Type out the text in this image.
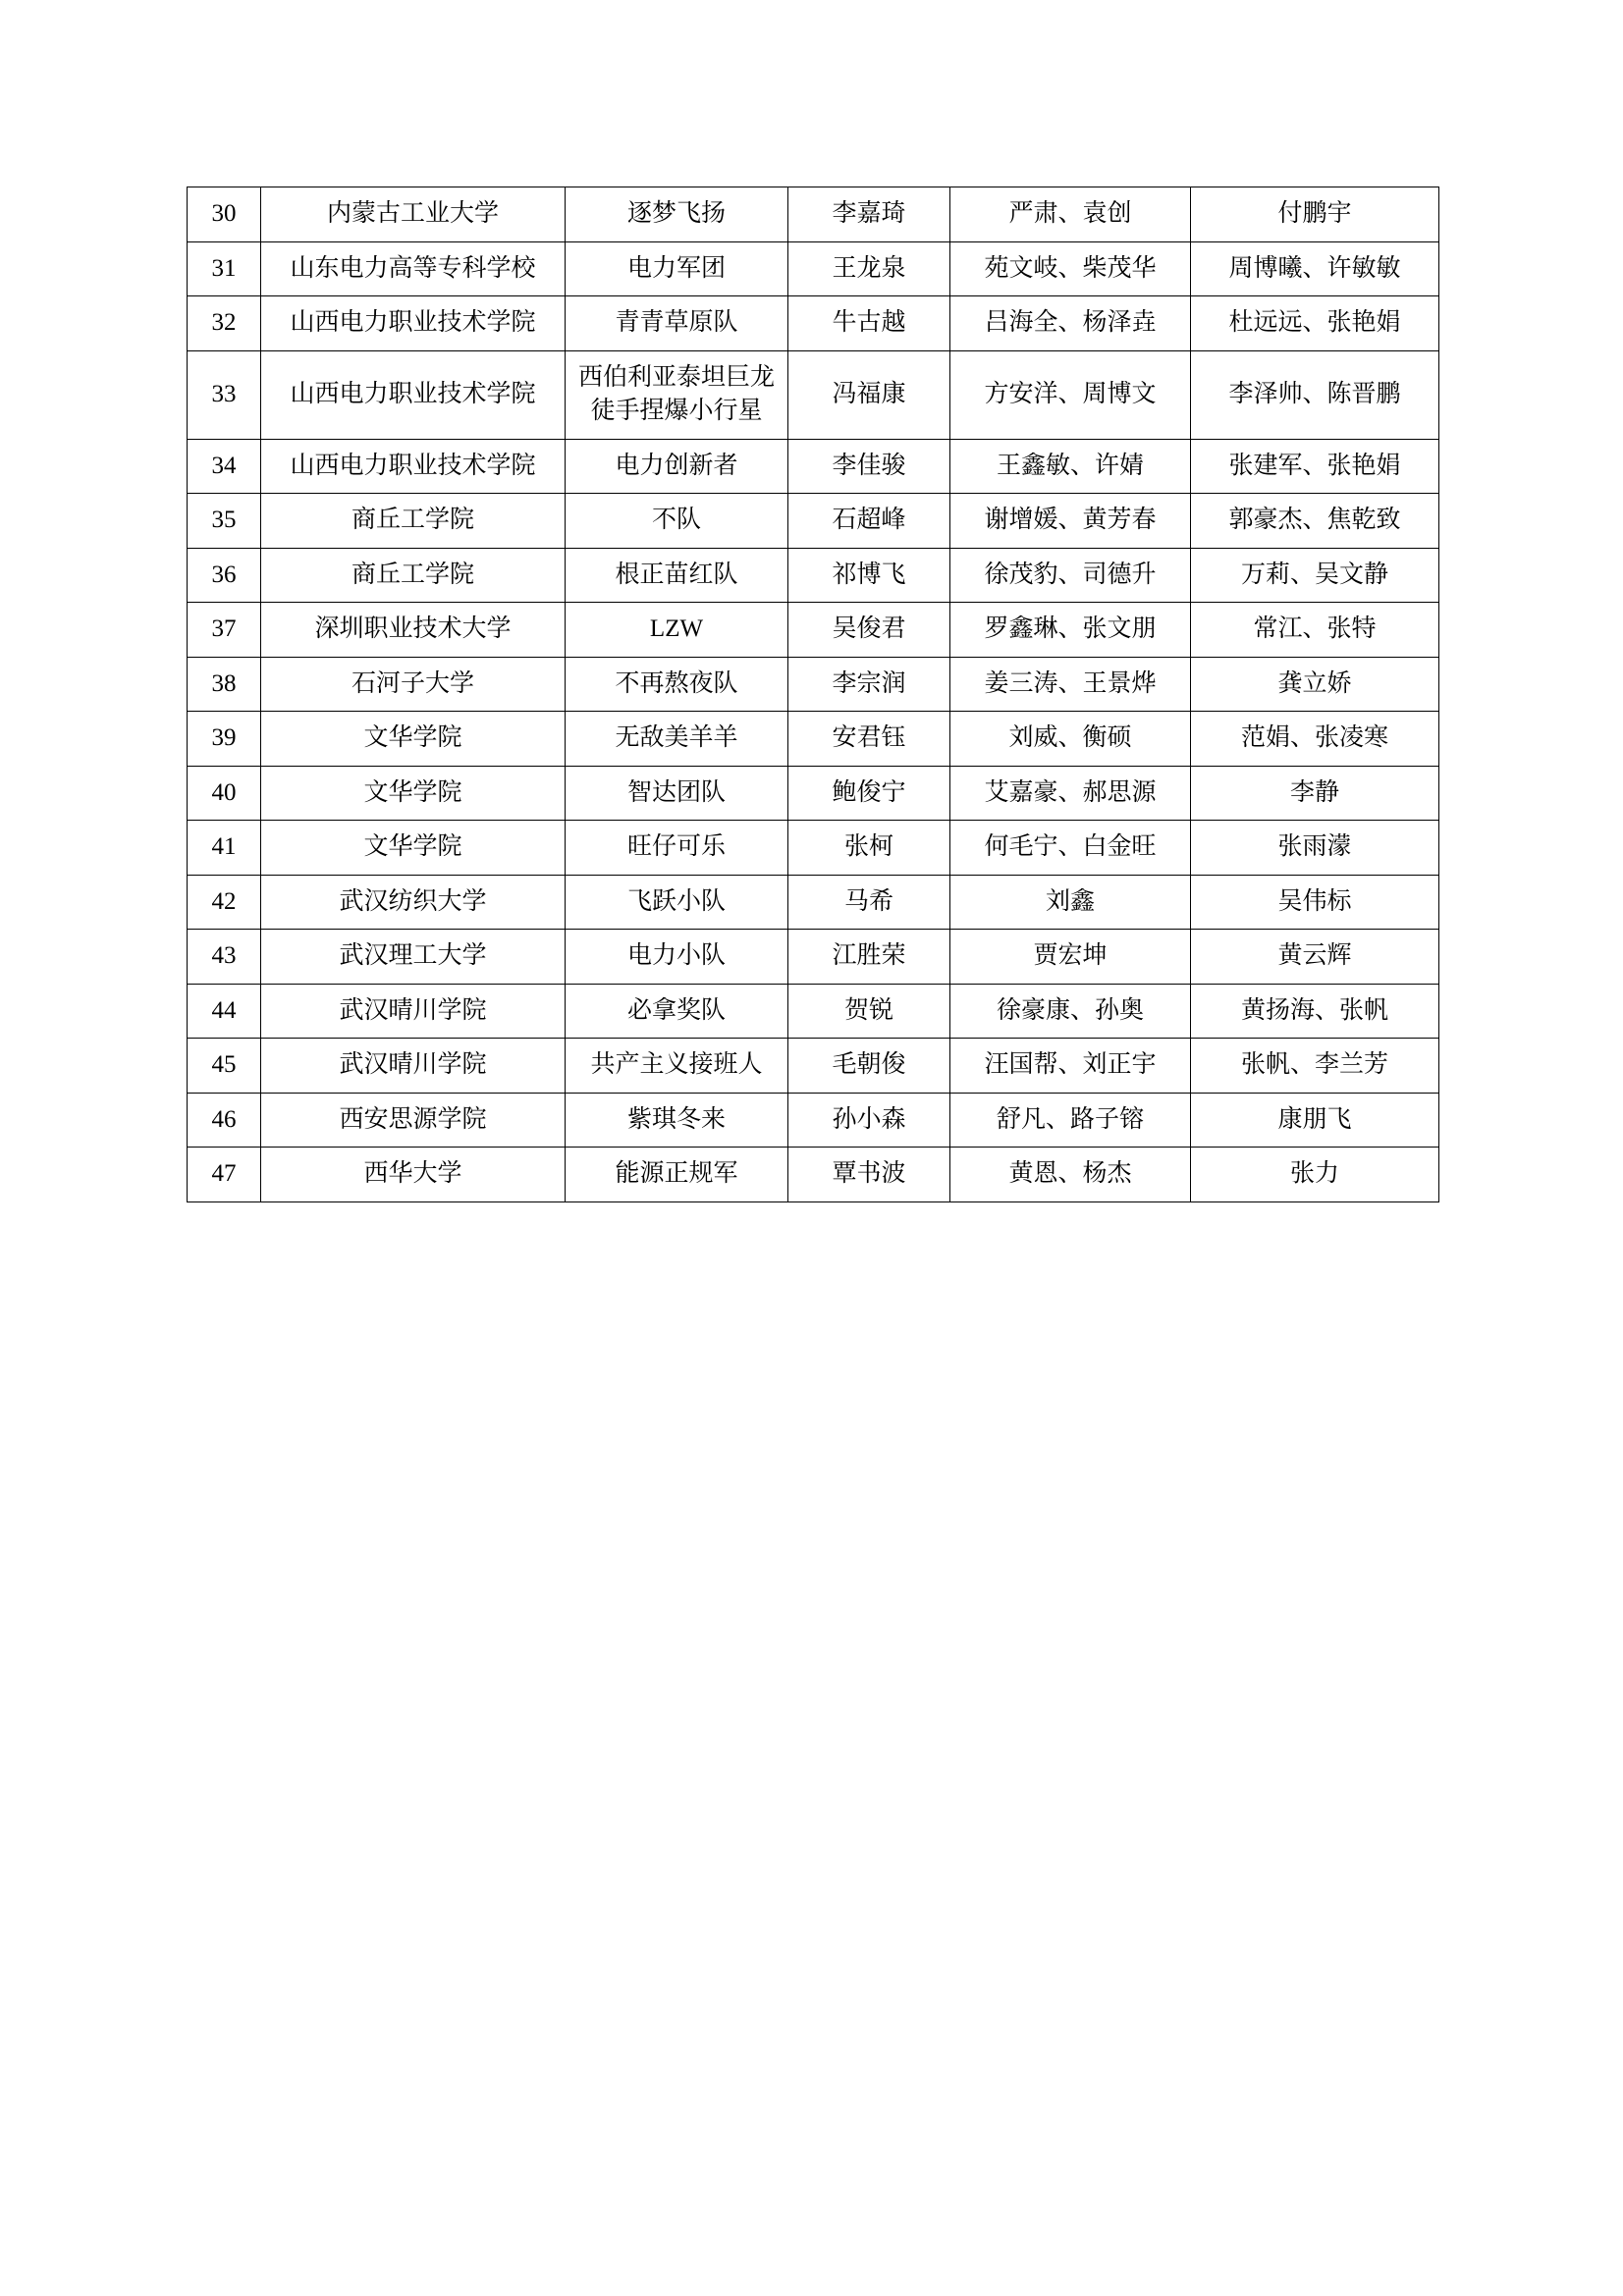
30	内蒙古工业大学	逐梦飞扬	李嘉琦	严肃、袁创	付鹏宇
31	山东电力高等专科学校	电力军团	王龙泉	苑文岐、柴茂华	周博曦、许敏敏
32	山西电力职业技术学院	青青草原队	牛古越	吕海全、杨泽垚	杜远远、张艳娟
33	山西电力职业技术学院	西伯利亚泰坦巨龙徒手捏爆小行星	冯福康	方安洋、周博文	李泽帅、陈晋鹏
34	山西电力职业技术学院	电力创新者	李佳骏	王鑫敏、许婧	张建军、张艳娟
35	商丘工学院	不队	石超峰	谢增媛、黄芳春	郭豪杰、焦乾致
36	商丘工学院	根正苗红队	祁博飞	徐茂豹、司德升	万莉、吴文静
37	深圳职业技术大学	LZW	吴俊君	罗鑫琳、张文朋	常江、张特
38	石河子大学	不再熬夜队	李宗润	姜三涛、王景烨	龚立娇
39	文华学院	无敌美羊羊	安君钰	刘威、衡硕	范娟、张凌寒
40	文华学院	智达团队	鲍俊宁	艾嘉豪、郝思源	李静
41	文华学院	旺仔可乐	张柯	何毛宁、白金旺	张雨濛
42	武汉纺织大学	飞跃小队	马希	刘鑫	吴伟标
43	武汉理工大学	电力小队	江胜荣	贾宏坤	黄云辉
44	武汉晴川学院	必拿奖队	贺锐	徐豪康、孙奥	黄扬海、张帆
45	武汉晴川学院	共产主义接班人	毛朝俊	汪国帮、刘正宇	张帆、李兰芳
46	西安思源学院	紫琪冬来	孙小森	舒凡、路子镕	康朋飞
47	西华大学	能源正规军	覃书波	黄恩、杨杰	张力
